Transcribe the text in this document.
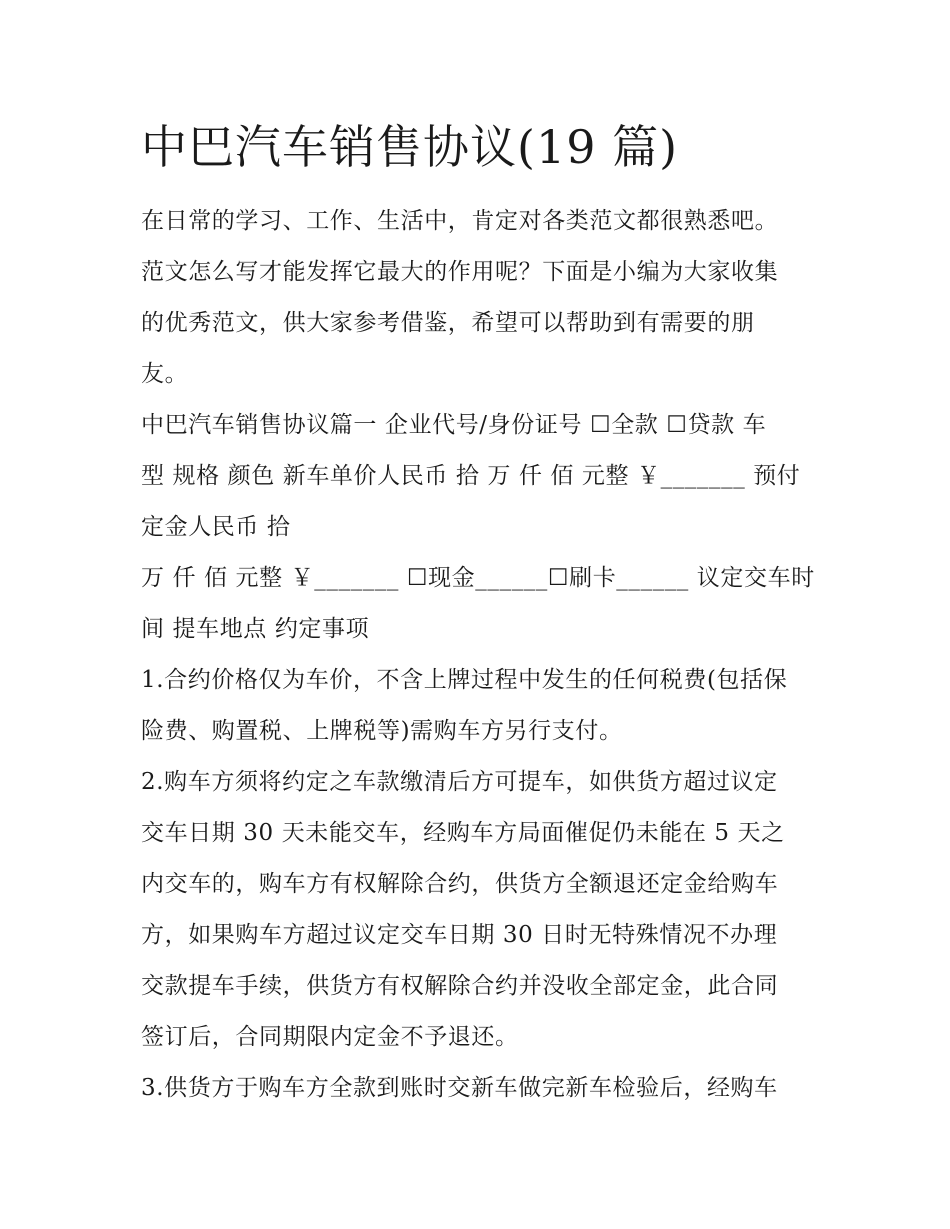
中巴汽车销售协议(19 篇)

在日常的学习、工作、生活中，肯定对各类范文都很熟悉吧。
范文怎么写才能发挥它最大的作用呢？下面是小编为大家收集
的优秀范文，供大家参考借鉴，希望可以帮助到有需要的朋
友。

中巴汽车销售协议篇一 企业代号/身份证号 ☐全款 ☐贷款 车
型 规格 颜色 新车单价人民币 拾 万 仟 佰 元整 ￥_______ 预付
定金人民币 拾

万 仟 佰 元整 ￥_______ ☐现金______☐刷卡______ 议定交车时
间 提车地点 约定事项

1.合约价格仅为车价，不含上牌过程中发生的任何税费(包括保
险费、购置税、上牌税等)需购车方另行支付。

2.购车方须将约定之车款缴清后方可提车，如供货方超过议定
交车日期 30 天未能交车，经购车方局面催促仍未能在 5 天之
内交车的，购车方有权解除合约，供货方全额退还定金给购车
方，如果购车方超过议定交车日期 30 日时无特殊情况不办理
交款提车手续，供货方有权解除合约并没收全部定金，此合同
签订后，合同期限内定金不予退还。

3.供货方于购车方全款到账时交新车做完新车检验后，经购车
